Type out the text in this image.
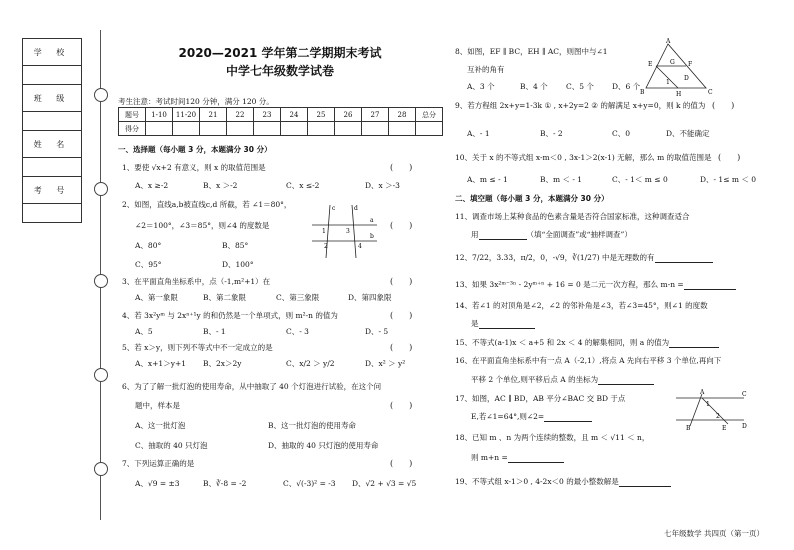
学 校
班 级
姓 名
考 号
2020—2021 学年第二学期期末考试
中学七年级数学试卷
考生注意：考试时间120 分钟，满分 120 分。
题号	1-10	11-20	21	22	23	24	25	26	27	28	总分
得分											
一、选择题（每小题 3 分，本题满分 30 分）
1、要使 √x+2 有意义，则 x 的取值范围是	(　　)
A、x ≥-2	B、x ＞-2	C、x ≤-2	D、x ＞-3
2、如图，直线a,b被直线c,d 所截，若 ∠1＝80°，
∠2＝100°，∠3＝85°，则∠4 的度数是	(　　)
A、80°	B、85°
C、95°	D、100°
a
b
c	d
1
2
3
4
3、在平面直角坐标系中，点（-1,m²+1）在	(　　)
A、第一象限	B、第二象限	C、第三象限	D、第四象限
4、若 3x²yᵐ 与 2xⁿ⁺¹y 的和仍然是一个单项式，则 m²-n 的值为	(　　)
A、5	B、- 1	C、- 3	D、- 5
5、若 x＞y，则下列不等式中不一定成立的是	(　　)
A、x+1＞y+1 B、2x＞2y	C、x/2 ＞ y/2	D、x² ＞ y²
6、为了了解一批灯泡的使用寿命，从中抽取了 40 个灯泡进行试验，在这个问
题中，样本是	(　　)
A、这一批灯泡	B、这一批灯泡的使用寿命
C、抽取的 40 只灯泡	D、抽取的 40 只灯泡的使用寿命
7、下列运算正确的是	(　　)
A、√9 = ±3	B、∛-8 = -2	C、√(-3)² = -3 D、√2 + √3 = √5
8、如图，EF ∥ BC，EH ∥ AC，则图中与∠1
互补的角有
A、3 个	B、4 个 C、5 个 D、6 个
A
B	C
E	F
G
H
D
1
9、若方程组 2x+y=1-3k ① , x+2y=2 ② 的解满足 x+y=0，则 k 的值为 (　　)
A、- 1	B、- 2	C、0	D、不能确定
10、关于 x 的不等式组 x-m＜0 , 3x-1＞2(x-1) 无解，那么 m 的取值范围是 (　　)
A、m ≤ - 1	B、m ＜ - 1	C、- 1＜ m ≤ 0	D、- 1≤ m ＜ 0
二、填空题（每小题 3 分，本题满分 30 分）
11、调查市场上某种食品的色素含量是否符合国家标准，这种调查适合
用	（填“全面调查”或“抽样调查”）
12、7/22，3.33，π/2，0，-√9，∛(1/27) 中是无理数的有
13、如果 3x²ᵐ⁻³ⁿ - 2yᵐ⁺ⁿ + 16 = 0 是二元一次方程，那么 m-n =
14、若∠1 的对顶角是∠2，∠2 的邻补角是∠3，若∠3=45°，则∠1 的度数
是
15、不等式(a-1)x ＜ a+5 和 2x ＜ 4 的解集相同，则 a 的值为
16、在平面直角坐标系中有一点 A（-2,1）,将点 A 先向右平移 3 个单位,再向下
平移 2 个单位,则平移后点 A 的坐标为
17、如图，AC ∥ BD，AB 平分∠BAC 交 BD 于点
E,若∠1=64°,则∠2=
A	C
B	D
E
1
2
18、已知 m 、n 为两个连续的整数，且 m ＜ √11 ＜ n，
则 m+n =
19、不等式组 x-1＞0 , 4-2x＜0 的最小整数解是
七年级数学 共四页（第一页）
